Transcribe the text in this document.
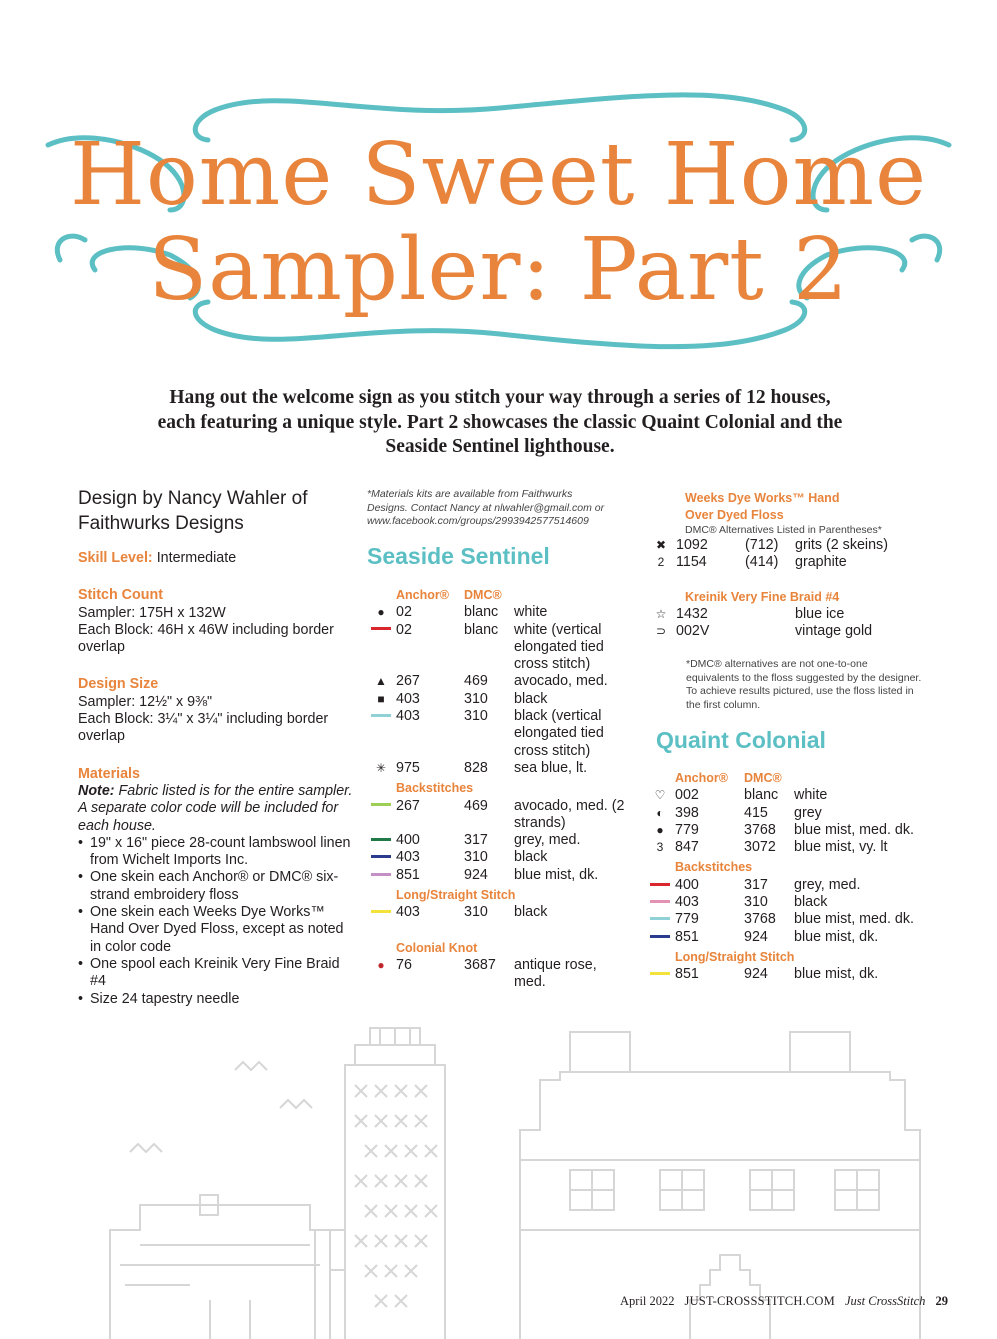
Home Sweet Home
Sampler: Part 2
Hang out the welcome sign as you stitch your way through a series of 12 houses, each featuring a unique style. Part 2 showcases the classic Quaint Colonial and the Seaside Sentinel lighthouse.
Design by Nancy Wahler of
Faithwurks Designs

Skill Level: Intermediate

Stitch Count

Sampler: 175H x 132W

Each Block: 46H x 46W including border overlap

Design Size

Sampler: 12½" x 9⅜"

Each Block: 3¼" x 3¼" including border overlap

Materials

Note: Fabric listed is for the entire sampler. A separate color code will be included for each house.

• 19" x 16" piece 28-count lambswool linen from Wichelt Imports Inc.
• One skein each Anchor® or DMC® six-strand embroidery floss
• One skein each Weeks Dye Works™ Hand Over Dyed Floss, except as noted in color code
• One spool each Kreinik Very Fine Braid #4
• Size 24 tapestry needle
*Materials kits are available from Faithwurks
Designs. Contact Nancy at nlwahler@gmail.com or
www.facebook.com/groups/2993942577514609
Seaside Sentinel
	Anchor®	DMC®	
●	02	blanc	white
	02	blanc	white (vertical elongated tied cross stitch)
▲	267	469	avocado, med.
■	403	310	black
	403	310	black (vertical elongated tied cross stitch)
✳	975	828	sea blue, lt.
	Backstitches		
	267	469	avocado, med. (2 strands)
	400	317	grey, med.
	403	310	black
	851	924	blue mist, dk.
	Long/Straight Stitch		
	403	310	black
	Colonial Knot		
●	76	3687	antique rose, med.
Weeks Dye Works™ Hand
Over Dyed Floss
DMC® Alternatives Listed in Parentheses*
✖	1092	(712)	grits (2 skeins)
2	1154	(414)	graphite
Kreinik Very Fine Braid #4
☆	1432	blue ice
⊃	002V	vintage gold
*DMC® alternatives are not one-to-one equivalents to the floss suggested by the designer. To achieve results pictured, use the floss listed in the first column.
Quaint Colonial
	Anchor®	DMC®	
♡	002	blanc	white
◐	398	415	grey
●	779	3768	blue mist, med. dk.
3	847	3072	blue mist, vy. lt
	Backstitches		
	400	317	grey, med.
	403	310	black
	779	3768	blue mist, med. dk.
	851	924	blue mist, dk.
	Long/Straight Stitch		
	851	924	blue mist, dk.
April 2022 JUST-CROSSSTITCH.COM Just CrossStitch 29
